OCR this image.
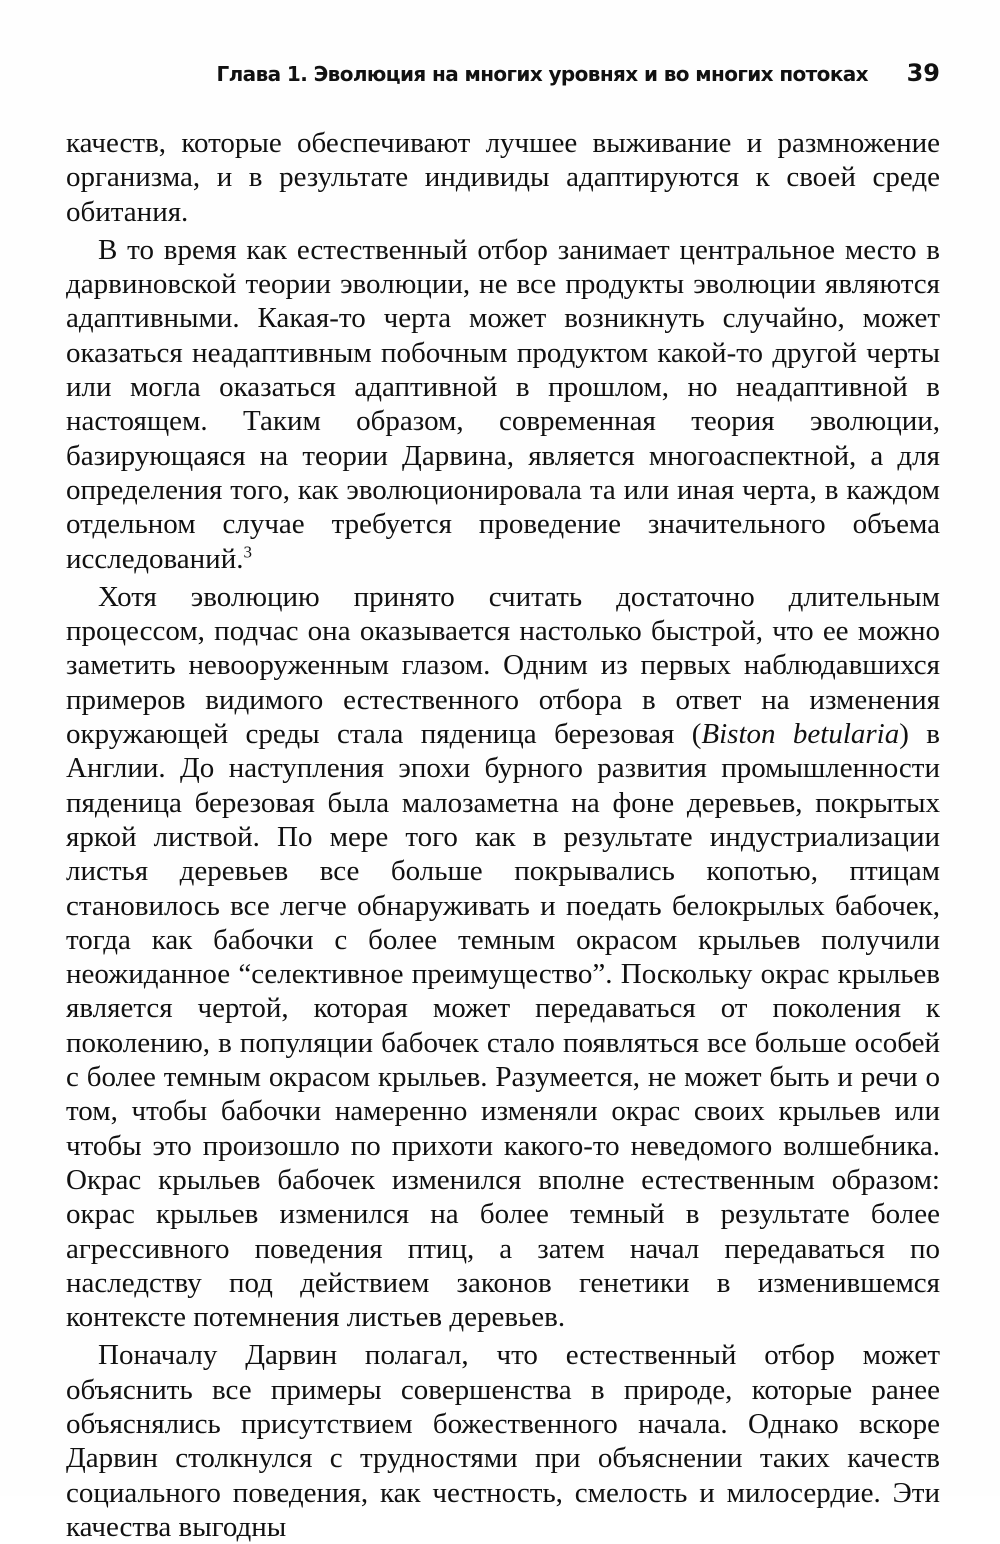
Глава 1. Эволюция на многих уровнях и во многих потоках 39

качеств, которые обеспечивают лучшее выживание и размножение организма, и в результате индивиды адаптируются к своей среде обитания.

В то время как естественный отбор занимает центральное место в дарвиновской теории эволюции, не все продукты эволюции являются адаптивными. Какая-то черта может возникнуть случайно, может оказаться неадаптивным побочным продуктом какой-то другой черты или могла оказаться адаптивной в прошлом, но неадаптивной в настоящем. Таким образом, современная теория эволюции, базирующаяся на теории Дарвина, является многоаспектной, а для определения того, как эволюционировала та или иная черта, в каждом отдельном случае требуется проведение значительного объема исследований.$^3$

Хотя эволюцию принято считать достаточно длительным процессом, подчас она оказывается настолько быстрой, что ее можно заметить невооруженным глазом. Одним из первых наблюдавшихся примеров видимого естественного отбора в ответ на изменения окружающей среды стала пяденица березовая (Biston betularia) в Англии. До наступления эпохи бурного развития промышленности пяденица березовая была малозаметна на фоне деревьев, покрытых яркой листвой. По мере того как в результате индустриализации листья деревьев все больше покрывались копотью, птицам становилось все легче обнаруживать и поедать белокрылых бабочек, тогда как бабочки с более темным окрасом крыльев получили неожиданное “селективное преимущество”. Поскольку окрас крыльев является чертой, которая может передаваться от поколения к поколению, в популяции бабочек стало появляться все больше особей с более темным окрасом крыльев. Разумеется, не может быть и речи о том, чтобы бабочки намеренно изменяли окрас своих крыльев или чтобы это произошло по прихоти какого-то неведомого волшебника. Окрас крыльев бабочек изменился вполне естественным образом: окрас крыльев изменился на более темный в результате более агрессивного поведения птиц, а затем начал передаваться по наследству под действием законов генетики в изменившемся контексте потемнения листьев деревьев.

Поначалу Дарвин полагал, что естественный отбор может объяснить все примеры совершенства в природе, которые ранее объяснялись присутствием божественного начала. Однако вскоре Дарвин столкнулся с трудностями при объяснении таких качеств социального поведения, как честность, смелость и милосердие. Эти качества выгодны
